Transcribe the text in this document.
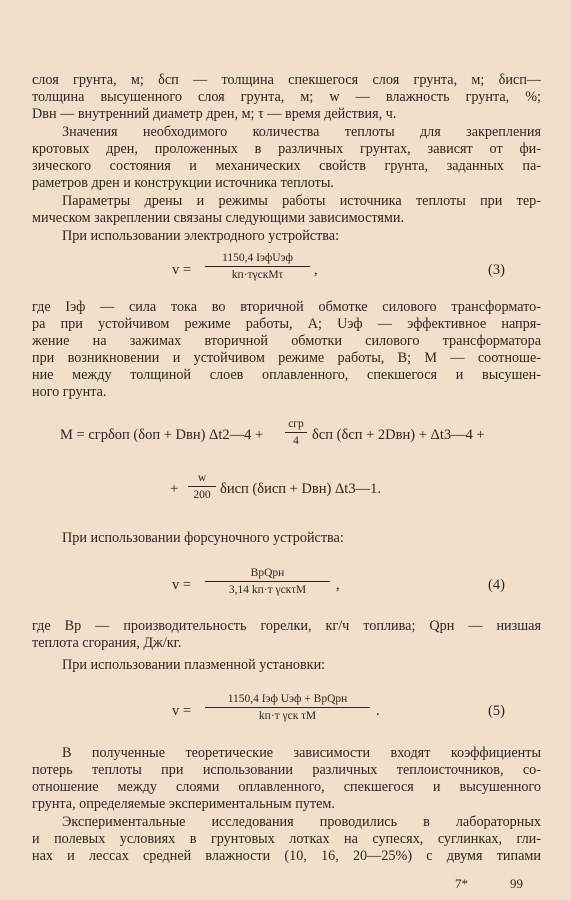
слоя грунта, м; δсп — толщина спекшегося слоя грунта, м; δисп—
толщина высушенного слоя грунта, м; w — влажность грунта, %;
Dвн — внутренний диаметр дрен, м; τ — время действия, ч.
Значения необходимого количества теплоты для закрепления
кротовых дрен, проложенных в различных грунтах, зависят от фи-
зического состояния и механических свойств грунта, заданных па-
раметров дрен и конструкции источника теплоты.
Параметры дрены и режимы работы источника теплоты при тер-
мическом закреплении связаны следующими зависимостями.
При использовании электродного устройства:
v =
1150,4 IэфUэф
kп·тγскMτ	,	(3)
где Iэф — сила тока во вторичной обмотке силового трансформато-
ра при устойчивом режиме работы, А; Uэф — эффективное напря-
жение на зажимах вторичной обмотки силового трансформатора
при возникновении и устойчивом режиме работы, В; M — соотноше-
ние между толщиной слоев оплавленного, спекшегося и высушен-
ного грунта.
M = cгрδоп (δоп + Dвн) Δt2—4 +
cгр
4 δсп (δсп + 2Dвн) + Δt3—4 +
+ $\frac{w}{200}$ δисп (δисп + Dвн) Δt3—1.
При использовании форсуночного устройства:
v =
BрQрн
3,14 kп·т γскτM	,	(4)
где Bр — производительность горелки, кг/ч топлива; Qрн — низшая
теплота сгорания, Дж/кг.
При использовании плазменной установки:
v =
1150,4 Iэф Uэф + BрQрн
kп·т γск τM	.	(5)
В полученные теоретические зависимости входят коэффициенты
потерь теплоты при использовании различных теплоисточников, со-
отношение между слоями оплавленного, спекшегося и высушенного
грунта, определяемые экспериментальным путем.
Экспериментальные исследования проводились в лабораторных
и полевых условиях в грунтовых лотках на супесях, суглинках, гли-
нах и лессах средней влажности (10, 16, 20—25%) с двумя типами
7*	99
